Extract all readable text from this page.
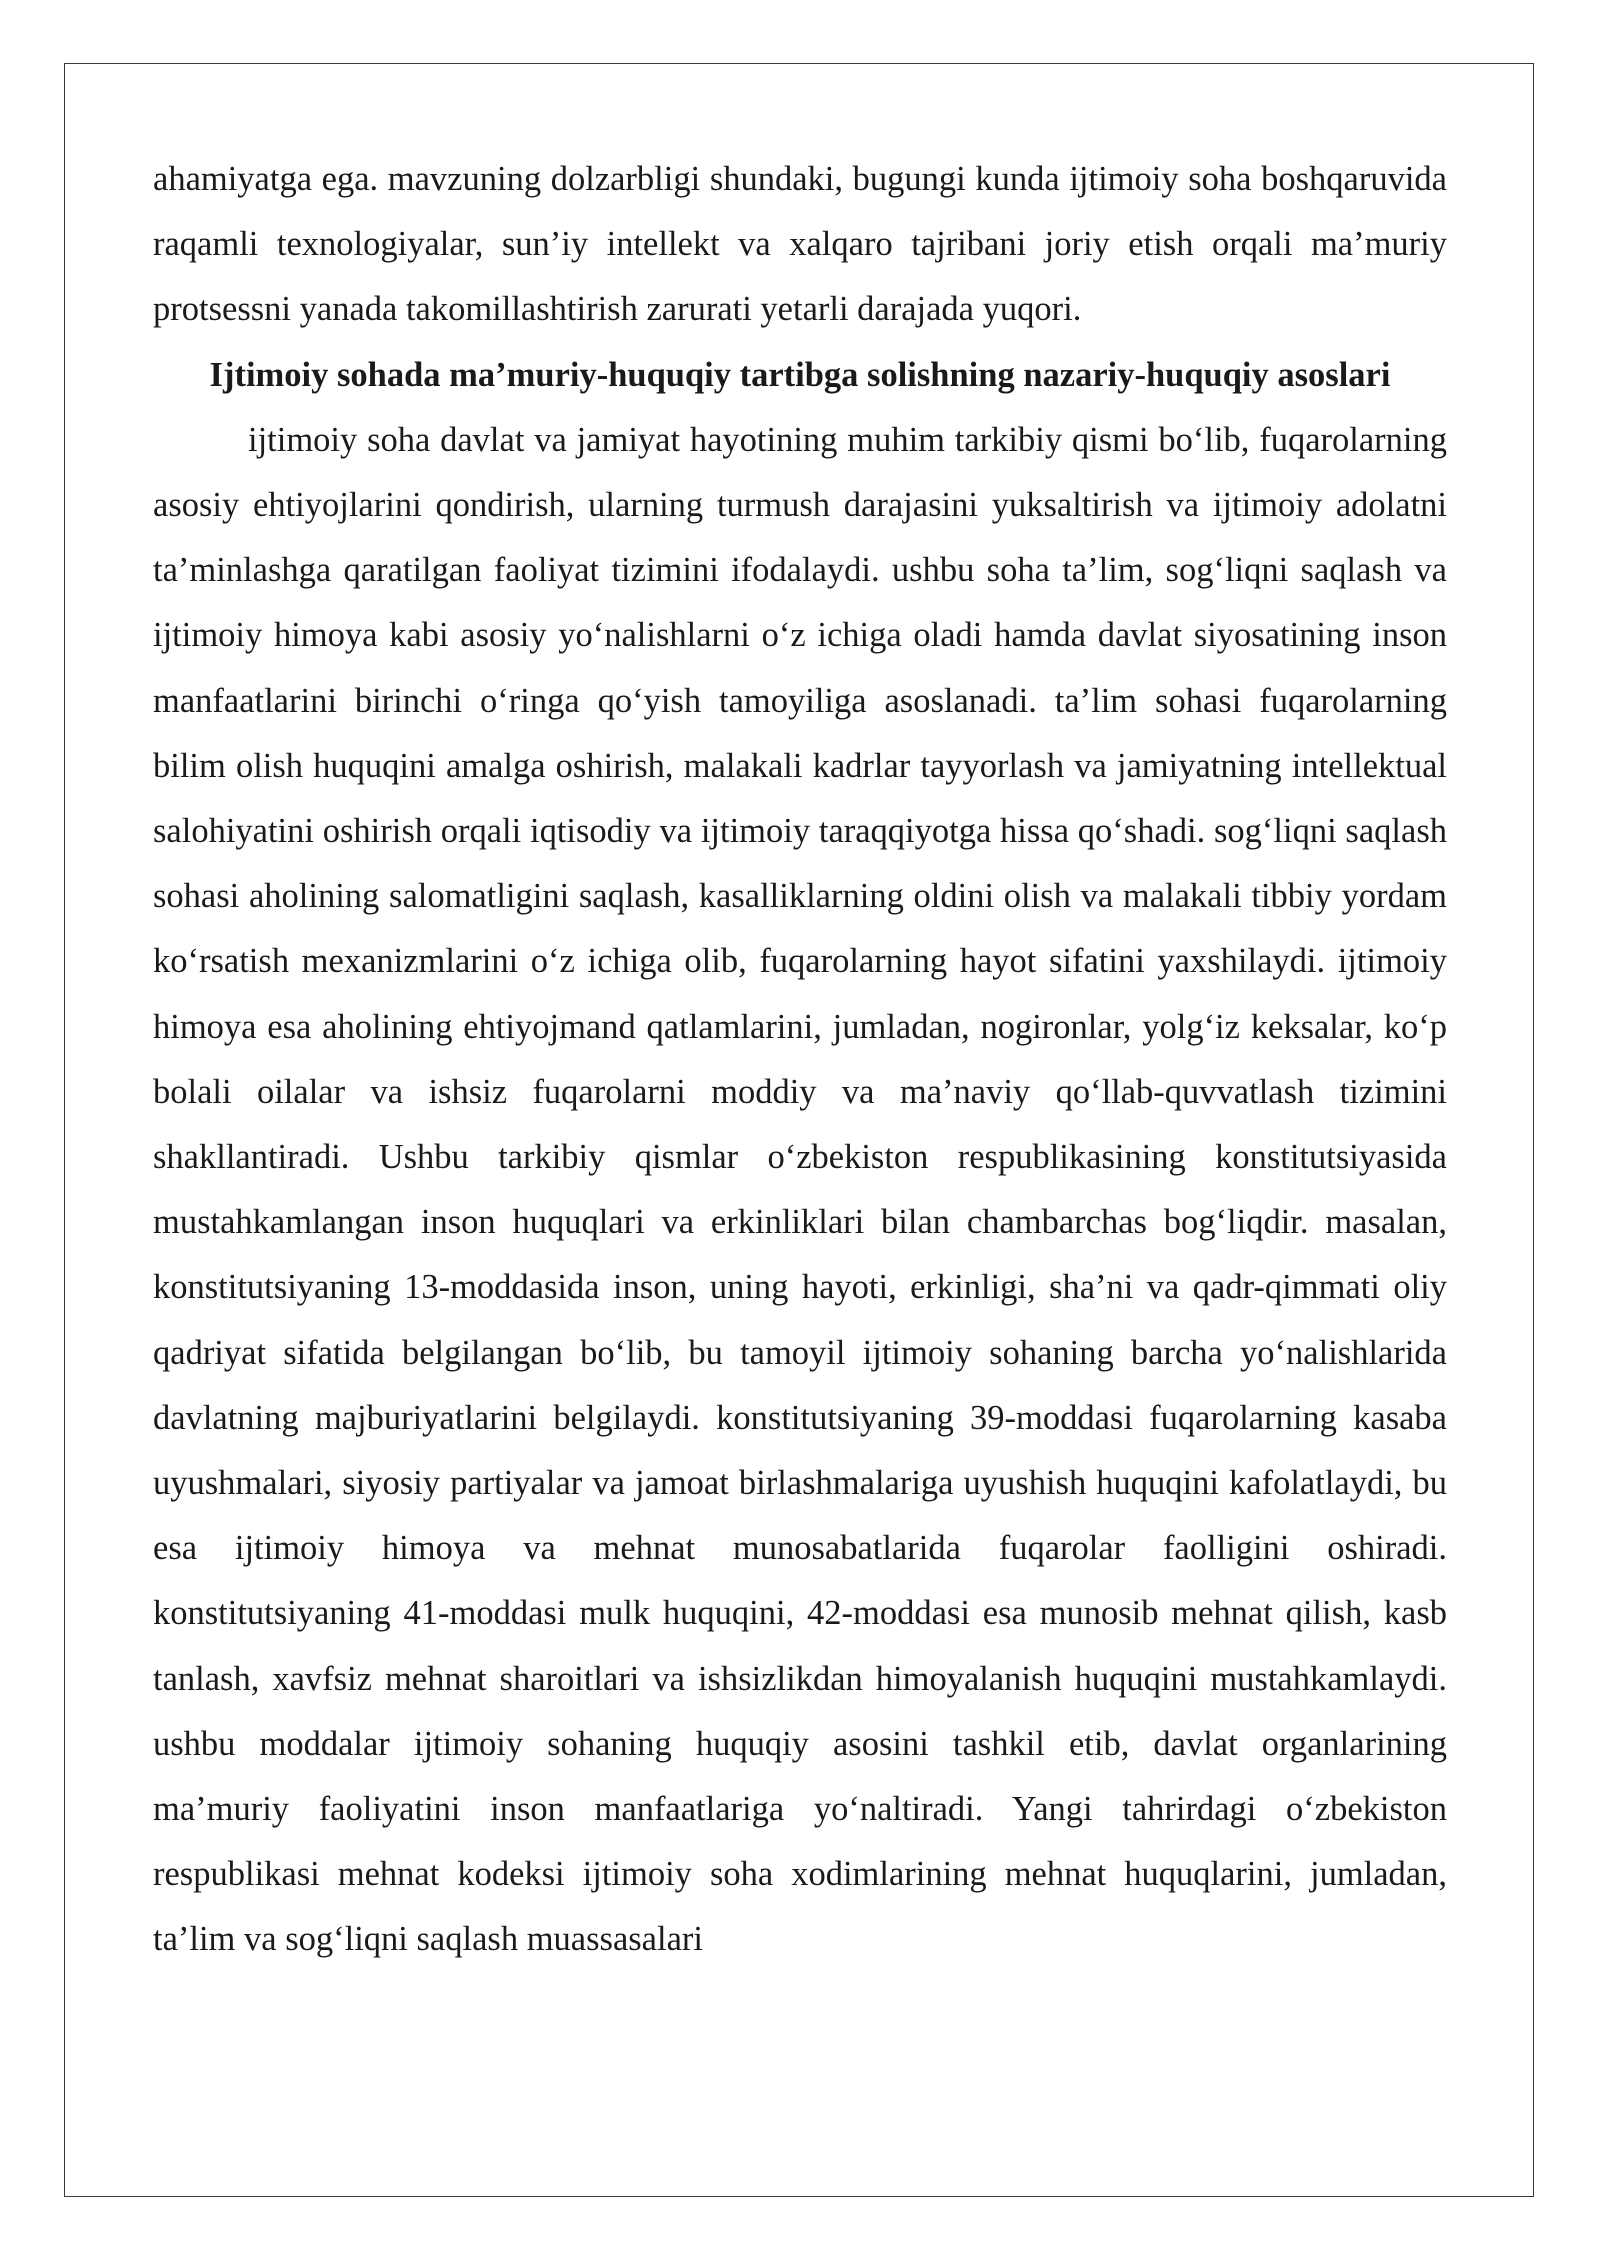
ahamiyatga ega. mavzuning dolzarbligi shundaki, bugungi kunda ijtimoiy soha boshqaruvida raqamli texnologiyalar, sun’iy intellekt va xalqaro tajribani joriy etish orqali ma’muriy protsessni yanada takomillashtirish zarurati yetarli darajada yuqori.

Ijtimoiy sohada ma’muriy-huquqiy tartibga solishning nazariy-huquqiy asoslari

ijtimoiy soha davlat va jamiyat hayotining muhim tarkibiy qismi bo‘lib, fuqarolarning asosiy ehtiyojlarini qondirish, ularning turmush darajasini yuksaltirish va ijtimoiy adolatni ta’minlashga qaratilgan faoliyat tizimini ifodalaydi. ushbu soha ta’lim, sog‘liqni saqlash va ijtimoiy himoya kabi asosiy yo‘nalishlarni o‘z ichiga oladi hamda davlat siyosatining inson manfaatlarini birinchi o‘ringa qo‘yish tamoyiliga asoslanadi. ta’lim sohasi fuqarolarning bilim olish huquqini amalga oshirish, malakali kadrlar tayyorlash va jamiyatning intellektual salohiyatini oshirish orqali iqtisodiy va ijtimoiy taraqqiyotga hissa qo‘shadi. sog‘liqni saqlash sohasi aholining salomatligini saqlash, kasalliklarning oldini olish va malakali tibbiy yordam ko‘rsatish mexanizmlarini o‘z ichiga olib, fuqarolarning hayot sifatini yaxshilaydi. ijtimoiy himoya esa aholining ehtiyojmand qatlamlarini, jumladan, nogironlar, yolg‘iz keksalar, ko‘p bolali oilalar va ishsiz fuqarolarni moddiy va ma’naviy qo‘llab-quvvatlash tizimini shakllantiradi. Ushbu tarkibiy qismlar o‘zbekiston respublikasining konstitutsiyasida mustahkamlangan inson huquqlari va erkinliklari bilan chambarchas bog‘liqdir. masalan, konstitutsiyaning 13-moddasida inson, uning hayoti, erkinligi, sha’ni va qadr-qimmati oliy qadriyat sifatida belgilangan bo‘lib, bu tamoyil ijtimoiy sohaning barcha yo‘nalishlarida davlatning majburiyatlarini belgilaydi. konstitutsiyaning 39-moddasi fuqarolarning kasaba uyushmalari, siyosiy partiyalar va jamoat birlashmalariga uyushish huquqini kafolatlaydi, bu esa ijtimoiy himoya va mehnat munosabatlarida fuqarolar faolligini oshiradi. konstitutsiyaning 41-moddasi mulk huquqini, 42-moddasi esa munosib mehnat qilish, kasb tanlash, xavfsiz mehnat sharoitlari va ishsizlikdan himoyalanish huquqini mustahkamlaydi. ushbu moddalar ijtimoiy sohaning huquqiy asosini tashkil etib, davlat organlarining ma’muriy faoliyatini inson manfaatlariga yo‘naltiradi. Yangi tahrirdagi o‘zbekiston respublikasi mehnat kodeksi ijtimoiy soha xodimlarining mehnat huquqlarini, jumladan, ta’lim va sog‘liqni saqlash muassasalari
